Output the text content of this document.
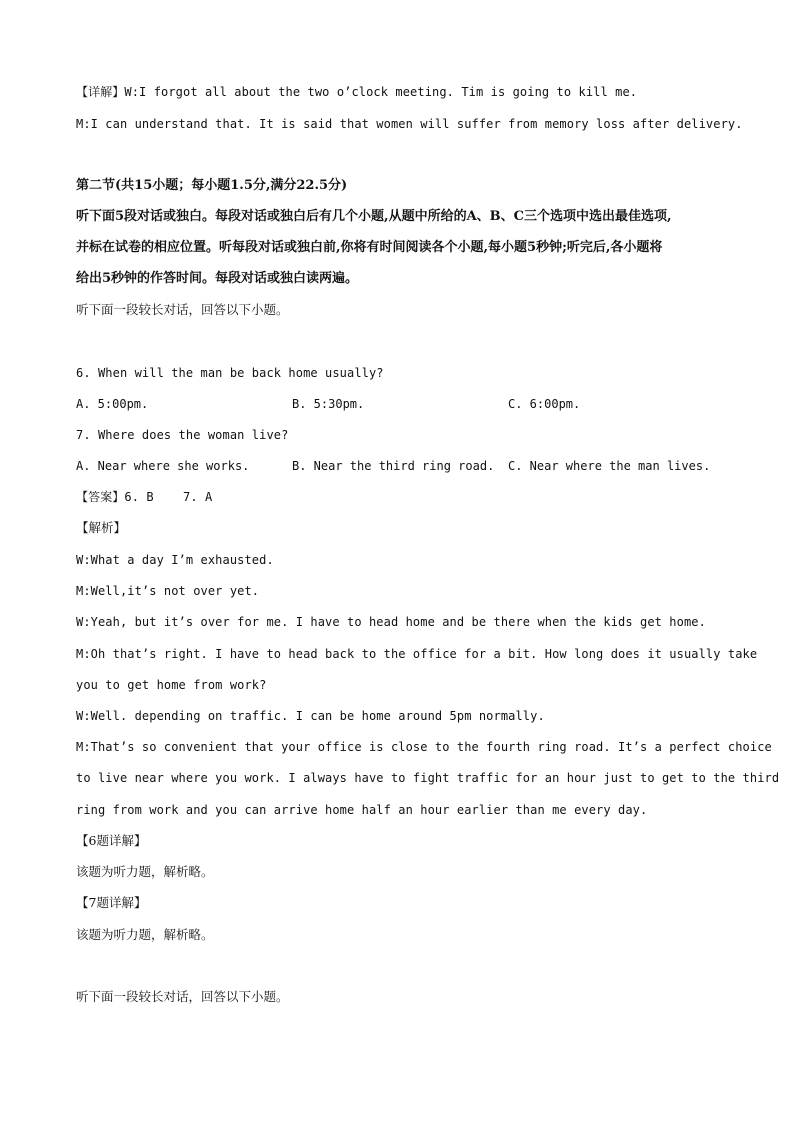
【详解】W:I forgot all about the two o’clock meeting. Tim is going to kill me.
M:I can understand that. It is said that women will suffer from memory loss after delivery.
第二节(共15小题；每小题1.5分,满分22.5分)
听下面5段对话或独白。每段对话或独白后有几个小题,从题中所给的A、B、C三个选项中选出最佳选项,
并标在试卷的相应位置。听每段对话或独白前,你将有时间阅读各个小题,每小题5秒钟;听完后,各小题将
给出5秒钟的作答时间。每段对话或独白读两遍。
听下面一段较长对话，回答以下小题。
6. When will the man be back home usually?
A. 5:00pm.	B. 5:30pm.	C. 6:00pm.
7. Where does the woman live?
A. Near where she works.	B. Near the third ring road. C. Near where the man lives.
【答案】6. B    7. A
【解析】
W:What a day I’m exhausted.
M:Well,it’s not over yet.
W:Yeah, but it’s over for me. I have to head home and be there when the kids get home.
M:Oh that’s right. I have to head back to the office for a bit. How long does it usually take
you to get home from work?
W:Well. depending on traffic. I can be home around 5pm normally.
M:That’s so convenient that your office is close to the fourth ring road. It’s a perfect choice
to live near where you work. I always have to fight traffic for an hour just to get to the third
ring from work and you can arrive home half an hour earlier than me every day.
【6题详解】
该题为听力题，解析略。
【7题详解】
该题为听力题，解析略。
听下面一段较长对话，回答以下小题。
